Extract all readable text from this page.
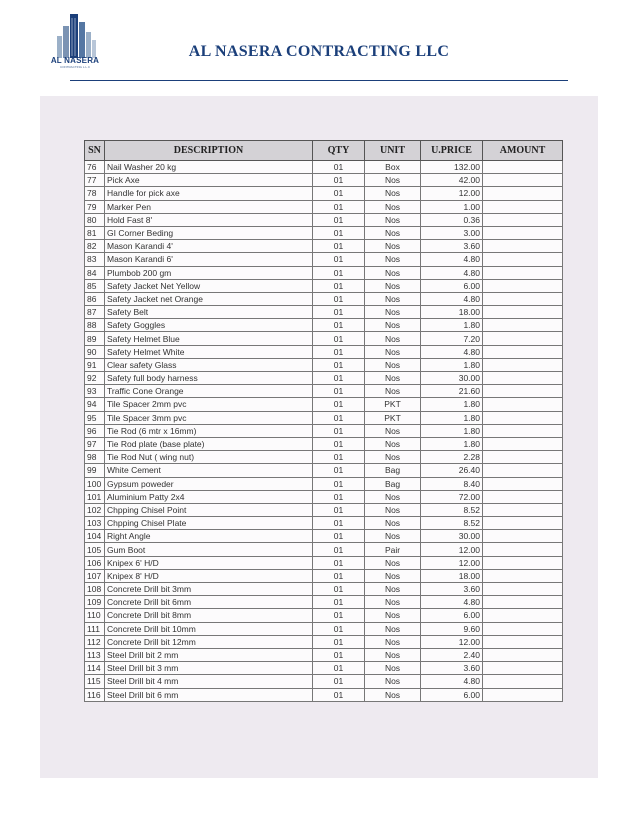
AL NASERA
CONTRACTING L.L.C
AL NASERA CONTRACTING LLC
SN	DESCRIPTION	QTY	UNIT	U.PRICE	AMOUNT
76	Nail Washer 20 kg	01	Box	132.00	
77	Pick Axe	01	Nos	42.00	
78	Handle for pick axe	01	Nos	12.00	
79	Marker Pen	01	Nos	1.00	
80	Hold Fast 8'	01	Nos	0.36	
81	GI Corner Beding	01	Nos	3.00	
82	Mason Karandi 4'	01	Nos	3.60	
83	Mason Karandi 6'	01	Nos	4.80	
84	Plumbob 200 gm	01	Nos	4.80	
85	Safety Jacket Net Yellow	01	Nos	6.00	
86	Safety Jacket net Orange	01	Nos	4.80	
87	Safety Belt	01	Nos	18.00	
88	Safety Goggles	01	Nos	1.80	
89	Safety Helmet Blue	01	Nos	7.20	
90	Safety Helmet White	01	Nos	4.80	
91	Clear safety Glass	01	Nos	1.80	
92	Safety full body harness	01	Nos	30.00	
93	Traffic Cone Orange	01	Nos	21.60	
94	Tile Spacer 2mm pvc	01	PKT	1.80	
95	Tile Spacer 3mm pvc	01	PKT	1.80	
96	Tie Rod (6 mtr x 16mm)	01	Nos	1.80	
97	Tie Rod plate (base plate)	01	Nos	1.80	
98	Tie Rod Nut ( wing nut)	01	Nos	2.28	
99	White Cement	01	Bag	26.40	
100	Gypsum poweder	01	Bag	8.40	
101	Aluminium Patty 2x4	01	Nos	72.00	
102	Chpping Chisel Point	01	Nos	8.52	
103	Chpping Chisel Plate	01	Nos	8.52	
104	Right Angle	01	Nos	30.00	
105	Gum Boot	01	Pair	12.00	
106	Knipex 6' H/D	01	Nos	12.00	
107	Knipex 8' H/D	01	Nos	18.00	
108	Concrete Drill bit 3mm	01	Nos	3.60	
109	Concrete Drill bit 6mm	01	Nos	4.80	
110	Concrete Drill bit 8mm	01	Nos	6.00	
111	Concrete Drill bit 10mm	01	Nos	9.60	
112	Concrete Drill bit 12mm	01	Nos	12.00	
113	Steel Drill bit 2 mm	01	Nos	2.40	
114	Steel Drill bit 3 mm	01	Nos	3.60	
115	Steel Drill bit 4 mm	01	Nos	4.80	
116	Steel Drill bit 6 mm	01	Nos	6.00	
